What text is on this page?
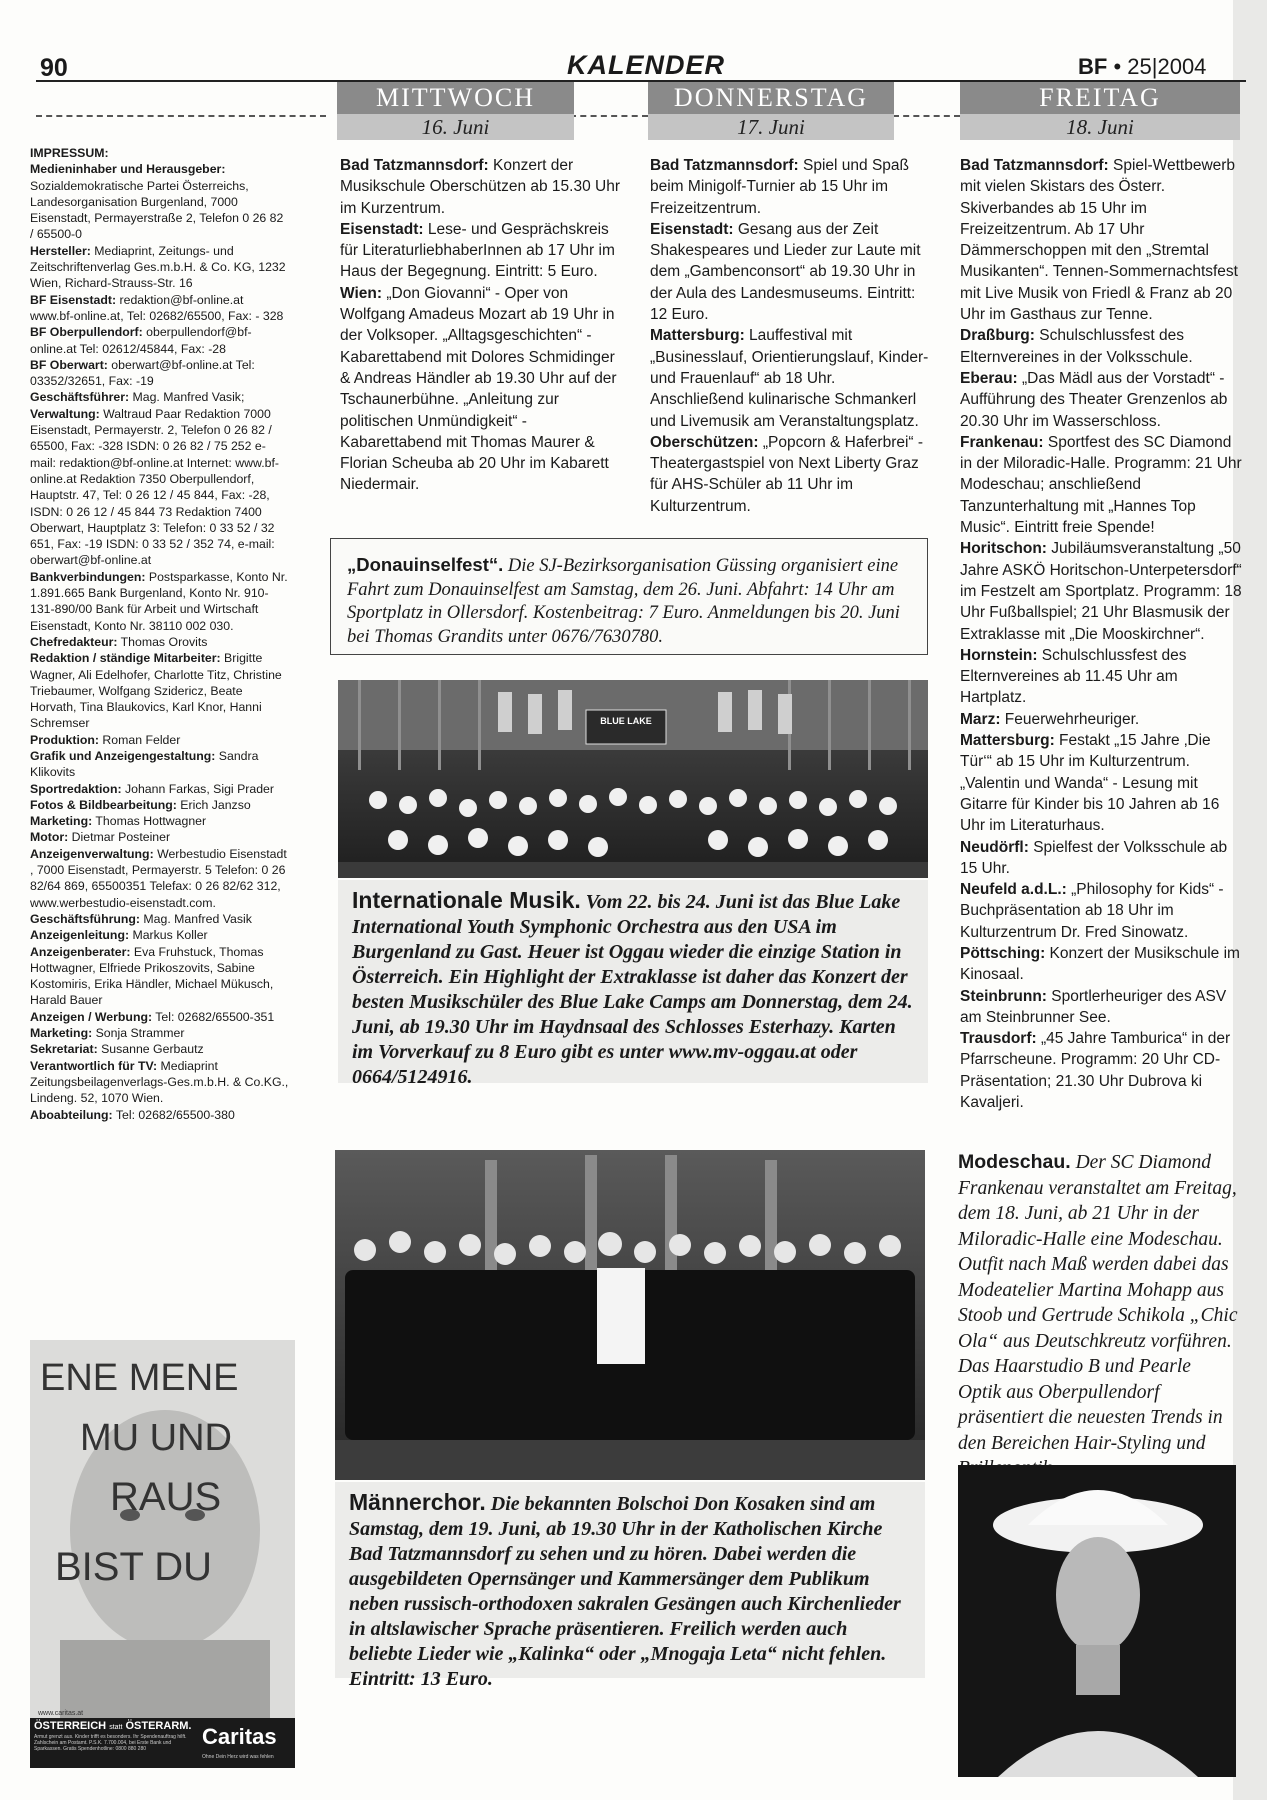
90	KALENDER	BF • 25|2004
MITTWOCH
16. Juni
DONNERSTAG
17. Juni
FREITAG
18. Juni

IMPRESSUM:

Medieninhaber und Herausgeber: Sozialdemokratische Partei Österreichs, Landesorganisation Burgenland, 7000 Eisenstadt, Permayerstraße 2, Telefon 0 26 82 / 65500-0

Hersteller: Mediaprint, Zeitungs- und Zeitschriftenverlag Ges.m.b.H. & Co. KG, 1232 Wien, Richard-Strauss-Str. 16

BF Eisenstadt: redaktion@bf-online.at www.bf-online.at, Tel: 02682/65500, Fax: - 328

BF Oberpullendorf: oberpullendorf@bf-online.at Tel: 02612/45844, Fax: -28

BF Oberwart: oberwart@bf-online.at Tel: 03352/32651, Fax: -19

Geschäftsführer: Mag. Manfred Vasik;

Verwaltung: Waltraud Paar Redaktion 7000 Eisenstadt, Permayerstr. 2, Telefon 0 26 82 / 65500, Fax: -328 ISDN: 0 26 82 / 75 252 e-mail: redaktion@bf-online.at Internet: www.bf-online.at Redaktion 7350 Oberpullendorf, Hauptstr. 47, Tel: 0 26 12 / 45 844, Fax: -28, ISDN: 0 26 12 / 45 844 73 Redaktion 7400 Oberwart, Hauptplatz 3: Telefon: 0 33 52 / 32 651, Fax: -19 ISDN: 0 33 52 / 352 74, e-mail: oberwart@bf-online.at

Bankverbindungen: Postsparkasse, Konto Nr. 1.891.665 Bank Burgenland, Konto Nr. 910-131-890/00 Bank für Arbeit und Wirtschaft Eisenstadt, Konto Nr. 38110 002 030.

Chefredakteur: Thomas Orovits

Redaktion / ständige Mitarbeiter: Brigitte Wagner, Ali Edelhofer, Charlotte Titz, Christine Triebaumer, Wolfgang Szidericz, Beate Horvath, Tina Blaukovics, Karl Knor, Hanni Schremser

Produktion: Roman Felder

Grafik und Anzeigengestaltung: Sandra Klikovits

Sportredaktion: Johann Farkas, Sigi Prader

Fotos & Bildbearbeitung: Erich Janzso

Marketing: Thomas Hottwagner

Motor: Dietmar Posteiner

Anzeigenverwaltung: Werbestudio Eisenstadt , 7000 Eisenstadt, Permayerstr. 5 Telefon: 0 26 82/64 869, 65500351 Telefax: 0 26 82/62 312, www.werbestudio-eisenstadt.com.

Geschäftsführung: Mag. Manfred Vasik

Anzeigenleitung: Markus Koller

Anzeigenberater: Eva Fruhstuck, Thomas Hottwagner, Elfriede Prikoszovits, Sabine Kostomiris, Erika Händler, Michael Mükusch, Harald Bauer

Anzeigen / Werbung: Tel: 02682/65500-351

Marketing: Sonja Strammer

Sekretariat: Susanne Gerbautz

Verantwortlich für TV: Mediaprint Zeitungsbeilagenverlags-Ges.m.b.H. & Co.KG., Lindeng. 52, 1070 Wien.

Aboabteilung: Tel: 02682/65500-380

Bad Tatzmannsdorf: Konzert der Musikschule Oberschützen ab 15.30 Uhr im Kurzentrum.

Eisenstadt: Lese- und Gesprächskreis für LiteraturliebhaberInnen ab 17 Uhr im Haus der Begegnung. Eintritt: 5 Euro.

Wien: „Don Giovanni“ - Oper von Wolfgang Amadeus Mozart ab 19 Uhr in der Volksoper. „Alltagsgeschichten“ - Kabarettabend mit Dolores Schmidinger & Andreas Händler ab 19.30 Uhr auf der Tschaunerbühne. „Anleitung zur politischen Unmündigkeit“ - Kabarettabend mit Thomas Maurer & Florian Scheuba ab 20 Uhr im Kabarett Niedermair.

Bad Tatzmannsdorf: Spiel und Spaß beim Minigolf-Turnier ab 15 Uhr im Freizeitzentrum.

Eisenstadt: Gesang aus der Zeit Shakespeares und Lieder zur Laute mit dem „Gambenconsort“ ab 19.30 Uhr in der Aula des Landesmuseums. Eintritt: 12 Euro.

Mattersburg: Lauffestival mit „Businesslauf, Orientierungslauf, Kinder- und Frauenlauf“ ab 18 Uhr. Anschließend kulinarische Schmankerl und Livemusik am Veranstaltungsplatz.

Oberschützen: „Popcorn & Haferbrei“ - Theatergastspiel von Next Liberty Graz für AHS-Schüler ab 11 Uhr im Kulturzentrum.

Bad Tatzmannsdorf: Spiel-Wettbewerb mit vielen Skistars des Österr. Skiverbandes ab 15 Uhr im Freizeitzentrum. Ab 17 Uhr Dämmerschoppen mit den „Stremtal Musikanten“. Tennen-Sommernachtsfest mit Live Musik von Friedl & Franz ab 20 Uhr im Gasthaus zur Tenne.

Draßburg: Schulschlussfest des Elternvereines in der Volksschule.

Eberau: „Das Mädl aus der Vorstadt“ - Aufführung des Theater Grenzenlos ab 20.30 Uhr im Wasserschloss.

Frankenau: Sportfest des SC Diamond in der Miloradic-Halle. Programm: 21 Uhr Modeschau; anschließend Tanzunterhaltung mit „Hannes Top Music“. Eintritt freie Spende!

Horitschon: Jubiläumsveranstaltung „50 Jahre ASKÖ Horitschon-Unterpetersdorf“ im Festzelt am Sportplatz. Programm: 18 Uhr Fußballspiel; 21 Uhr Blasmusik der Extraklasse mit „Die Mooskirchner“.

Hornstein: Schulschlussfest des Elternvereines ab 11.45 Uhr am Hartplatz.

Marz: Feuerwehrheuriger.

Mattersburg: Festakt „15 Jahre ‚Die Tür‘“ ab 15 Uhr im Kulturzentrum. „Valentin und Wanda“ - Lesung mit Gitarre für Kinder bis 10 Jahren ab 16 Uhr im Literaturhaus.

Neudörfl: Spielfest der Volksschule ab 15 Uhr.

Neufeld a.d.L.: „Philosophy for Kids“ - Buchpräsentation ab 18 Uhr im Kulturzentrum Dr. Fred Sinowatz.

Pöttsching: Konzert der Musikschule im Kinosaal.

Steinbrunn: Sportlerheuriger des ASV am Steinbrunner See.

Trausdorf: „45 Jahre Tamburica“ in der Pfarrscheune. Programm: 20 Uhr CD-Präsentation; 21.30 Uhr Dubrova ki Kavaljeri.

„Donauinselfest“. Die SJ-Bezirksorganisation Güssing organisiert eine Fahrt zum Donauinselfest am Samstag, dem 26. Juni. Abfahrt: 14 Uhr am Sportplatz in Ollersdorf. Kostenbeitrag: 7 Euro. Anmeldungen bis 20. Juni bei Thomas Grandits unter 0676/7630780.
BLUE LAKE
Internationale Musik. Vom 22. bis 24. Juni ist das Blue Lake International Youth Symphonic Orchestra aus den USA im Burgenland zu Gast. Heuer ist Oggau wieder die einzige Station in Österreich. Ein Highlight der Extraklasse ist daher das Konzert der besten Musikschüler des Blue Lake Camps am Donnerstag, dem 24. Juni, ab 19.30 Uhr im Haydnsaal des Schlosses Esterhazy. Karten im Vorverkauf zu 8 Euro gibt es unter www.mv-oggau.at oder 0664/5124916.
Männerchor. Die bekannten Bolschoi Don Kosaken sind am Samstag, dem 19. Juni, ab 19.30 Uhr in der Katholischen Kirche Bad Tatzmannsdorf zu sehen und zu hören. Dabei werden die ausgebildeten Opernsänger und Kammersänger dem Publikum neben russisch-orthodoxen sakralen Gesängen auch Kirchenlieder in altslawischer Sprache präsentieren. Freilich werden auch beliebte Lieder wie „Kalinka“ oder „Mnogaja Leta“ nicht fehlen. Eintritt: 13 Euro.
Modeschau. Der SC Diamond Frankenau veranstaltet am Freitag, dem 18. Juni, ab 21 Uhr in der Miloradic-Halle eine Modeschau. Outfit nach Maß werden dabei das Modeatelier Martina Mohapp aus Stoob und Gertrude Schikola „Chic Ola“ aus Deutschkreutz vorführen. Das Haarstudio B und Pearle Optik aus Oberpullendorf präsentiert die neuesten Trends in den Bereichen Hair-Styling und
ENE MENE
MU UND
RAUS
BIST DU
www.caritas.at
ÖSTERREICH statt ÖSTERARM.
Armut grenzt aus. Kinder trifft es besonders. Ihr Spendenauftrag hilft. Zahlschein am Postamt. P.S.K. 7.700.004, bei Erste Bank und Sparkassen. Gratis Spendenhotline: 0800 880 280	Caritas
Ohne Dein Herz wird was fehlen
